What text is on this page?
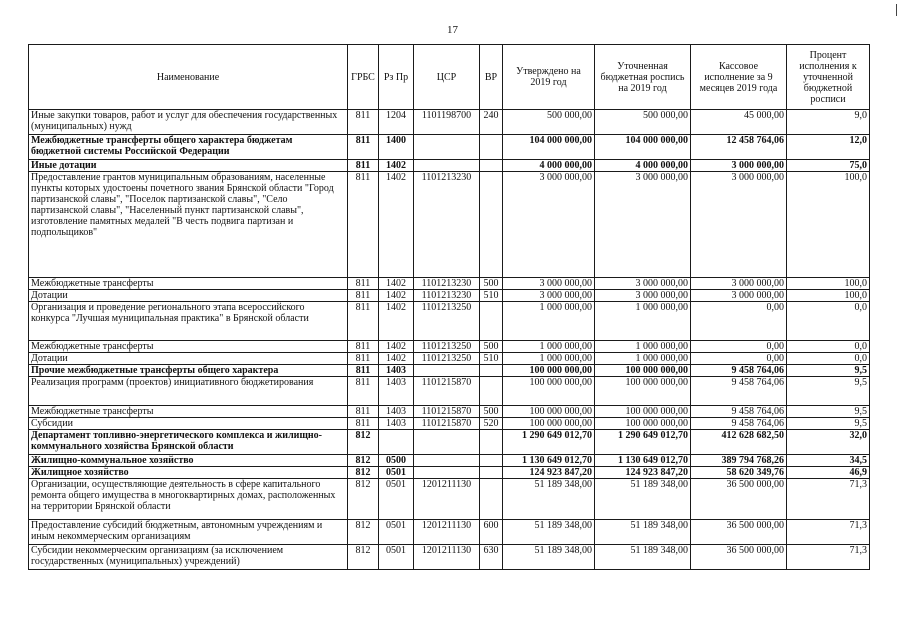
17
Наименование	ГРБС	Рз Пр	ЦСР	ВР	Утверждено на 2019 год	Уточненная бюджетная роспись на 2019 год	Кассовое исполнение за 9 месяцев 2019 года	Процент исполнения к уточненной бюджетной росписи
Иные закупки товаров, работ и услуг для обеспечения государственных (муниципальных) нужд	811	1204	1101198700	240	500 000,00	500 000,00	45 000,00	9,0
Межбюджетные трансферты общего характера бюджетам бюджетной системы Российской Федерации	811	1400			104 000 000,00	104 000 000,00	12 458 764,06	12,0
Иные дотации	811	1402			4 000 000,00	4 000 000,00	3 000 000,00	75,0
Предоставление грантов муниципальным образованиям, населенные пункты которых удостоены почетного звания Брянской области "Город партизанской славы", "Поселок партизанской славы", "Село партизанской славы", "Населенный пункт партизанской славы", изготовление памятных медалей "В честь подвига партизан и подпольщиков"	811	1402	1101213230		3 000 000,00	3 000 000,00	3 000 000,00	100,0
Межбюджетные трансферты	811	1402	1101213230	500	3 000 000,00	3 000 000,00	3 000 000,00	100,0
Дотации	811	1402	1101213230	510	3 000 000,00	3 000 000,00	3 000 000,00	100,0
Организация и проведение регионального этапа всероссийского конкурса "Лучшая муниципальная практика" в Брянской области	811	1402	1101213250		1 000 000,00	1 000 000,00	0,00	0,0
Межбюджетные трансферты	811	1402	1101213250	500	1 000 000,00	1 000 000,00	0,00	0,0
Дотации	811	1402	1101213250	510	1 000 000,00	1 000 000,00	0,00	0,0
Прочие межбюджетные трансферты общего характера	811	1403			100 000 000,00	100 000 000,00	9 458 764,06	9,5
Реализация программ (проектов) инициативного бюджетирования	811	1403	1101215870		100 000 000,00	100 000 000,00	9 458 764,06	9,5
Межбюджетные трансферты	811	1403	1101215870	500	100 000 000,00	100 000 000,00	9 458 764,06	9,5
Субсидии	811	1403	1101215870	520	100 000 000,00	100 000 000,00	9 458 764,06	9,5
Департамент топливно-энергетического комплекса и жилищно-коммунального хозяйства Брянской области	812				1 290 649 012,70	1 290 649 012,70	412 628 682,50	32,0
Жилищно-коммунальное хозяйство	812	0500			1 130 649 012,70	1 130 649 012,70	389 794 768,26	34,5
Жилищное хозяйство	812	0501			124 923 847,20	124 923 847,20	58 620 349,76	46,9
Организации, осуществляющие деятельность в сфере капитального ремонта общего имущества в многоквартирных домах, расположенных на территории Брянской области	812	0501	1201211130		51 189 348,00	51 189 348,00	36 500 000,00	71,3
Предоставление субсидий бюджетным, автономным учреждениям и иным некоммерческим организациям	812	0501	1201211130	600	51 189 348,00	51 189 348,00	36 500 000,00	71,3
Субсидии некоммерческим организациям (за исключением государственных (муниципальных) учреждений)	812	0501	1201211130	630	51 189 348,00	51 189 348,00	36 500 000,00	71,3
